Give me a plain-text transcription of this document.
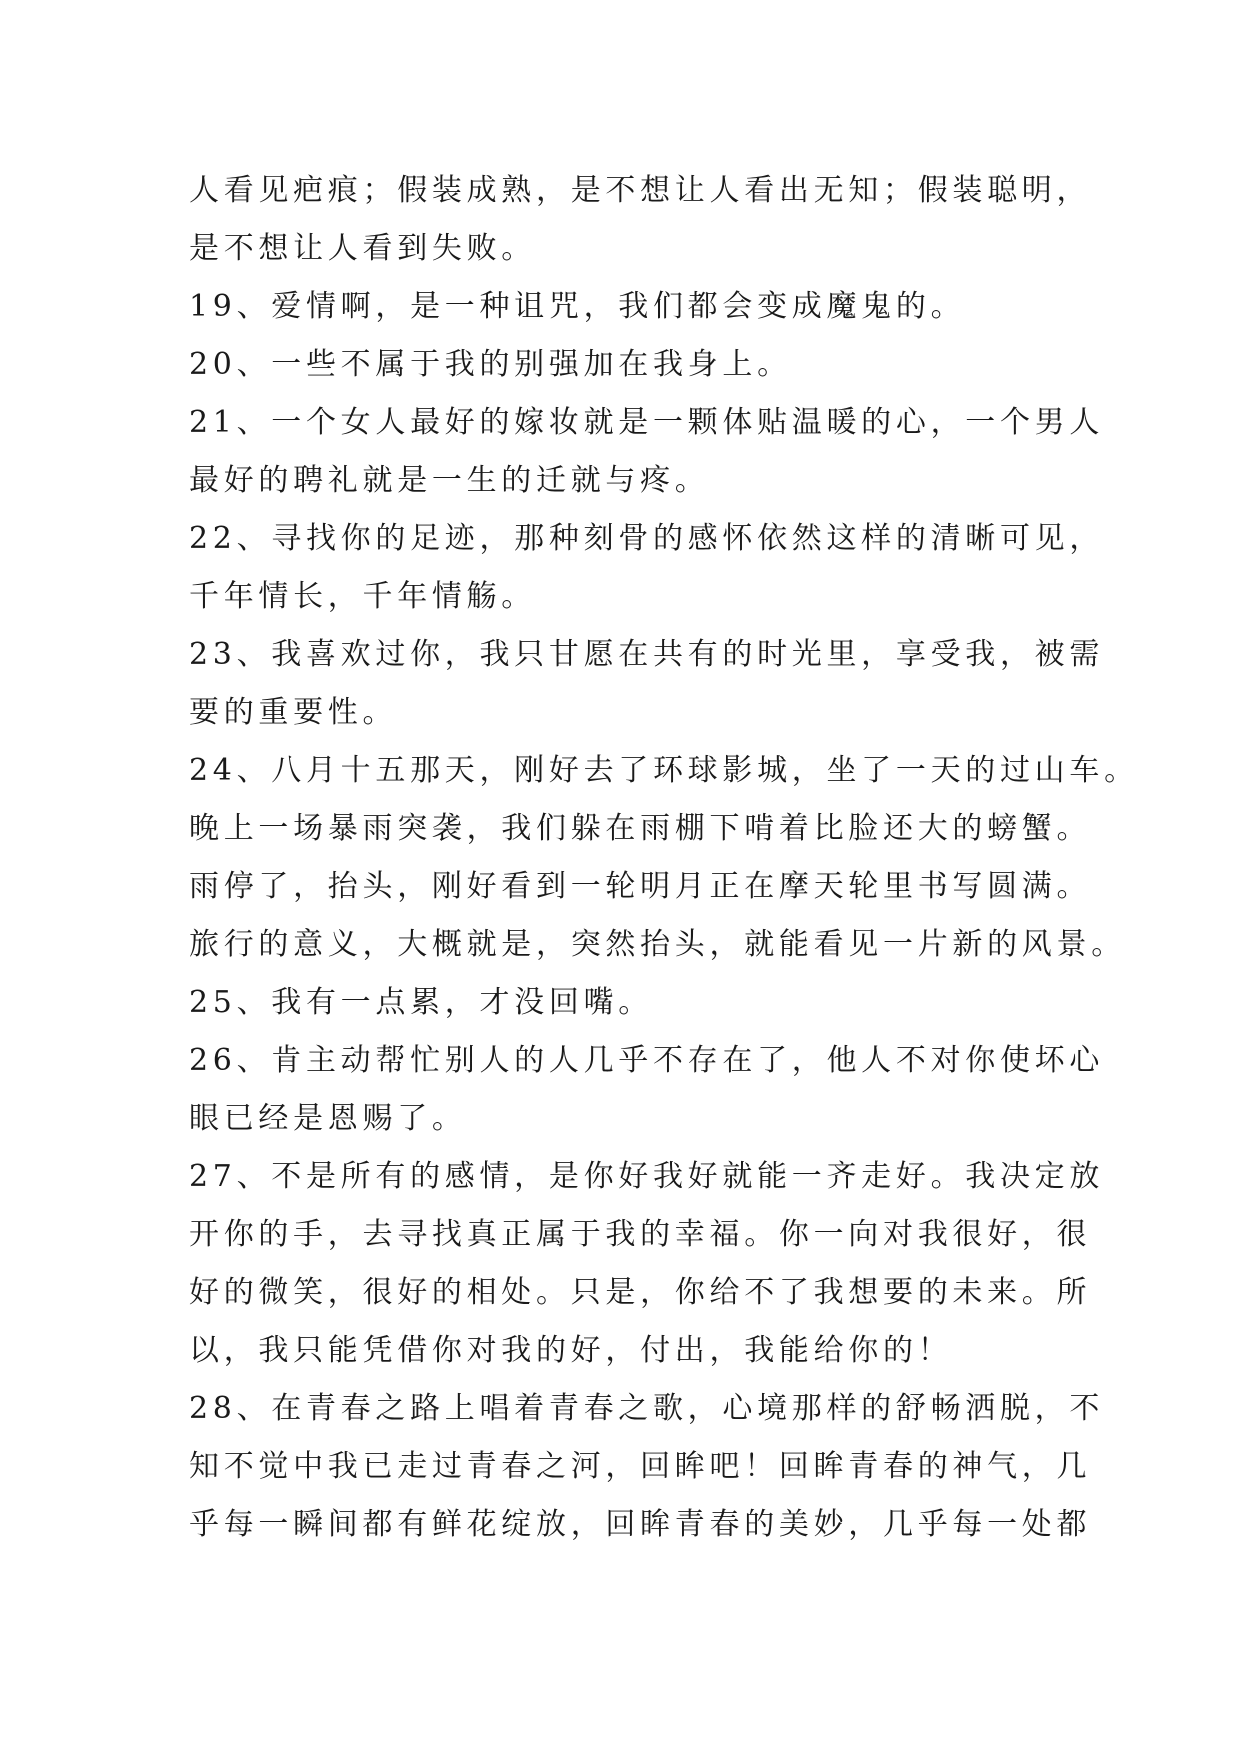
人看见疤痕；假装成熟，是不想让人看出无知；假装聪明，
是不想让人看到失败。
19、爱情啊，是一种诅咒，我们都会变成魔鬼的。
20、一些不属于我的别强加在我身上。
21、一个女人最好的嫁妆就是一颗体贴温暖的心，一个男人
最好的聘礼就是一生的迁就与疼。
22、寻找你的足迹，那种刻骨的感怀依然这样的清晰可见，
千年情长，千年情觞。
23、我喜欢过你，我只甘愿在共有的时光里，享受我，被需
要的重要性。
24、八月十五那天，刚好去了环球影城，坐了一天的过山车。
晚上一场暴雨突袭，我们躲在雨棚下啃着比脸还大的螃蟹。
雨停了，抬头，刚好看到一轮明月正在摩天轮里书写圆满。
旅行的意义，大概就是，突然抬头，就能看见一片新的风景。
25、我有一点累，才没回嘴。
26、肯主动帮忙别人的人几乎不存在了，他人不对你使坏心
眼已经是恩赐了。
27、不是所有的感情，是你好我好就能一齐走好。我决定放
开你的手，去寻找真正属于我的幸福。你一向对我很好，很
好的微笑，很好的相处。只是，你给不了我想要的未来。所
以，我只能凭借你对我的好，付出，我能给你的！
28、在青春之路上唱着青春之歌，心境那样的舒畅洒脱，不
知不觉中我已走过青春之河，回眸吧！回眸青春的神气，几
乎每一瞬间都有鲜花绽放，回眸青春的美妙，几乎每一处都
